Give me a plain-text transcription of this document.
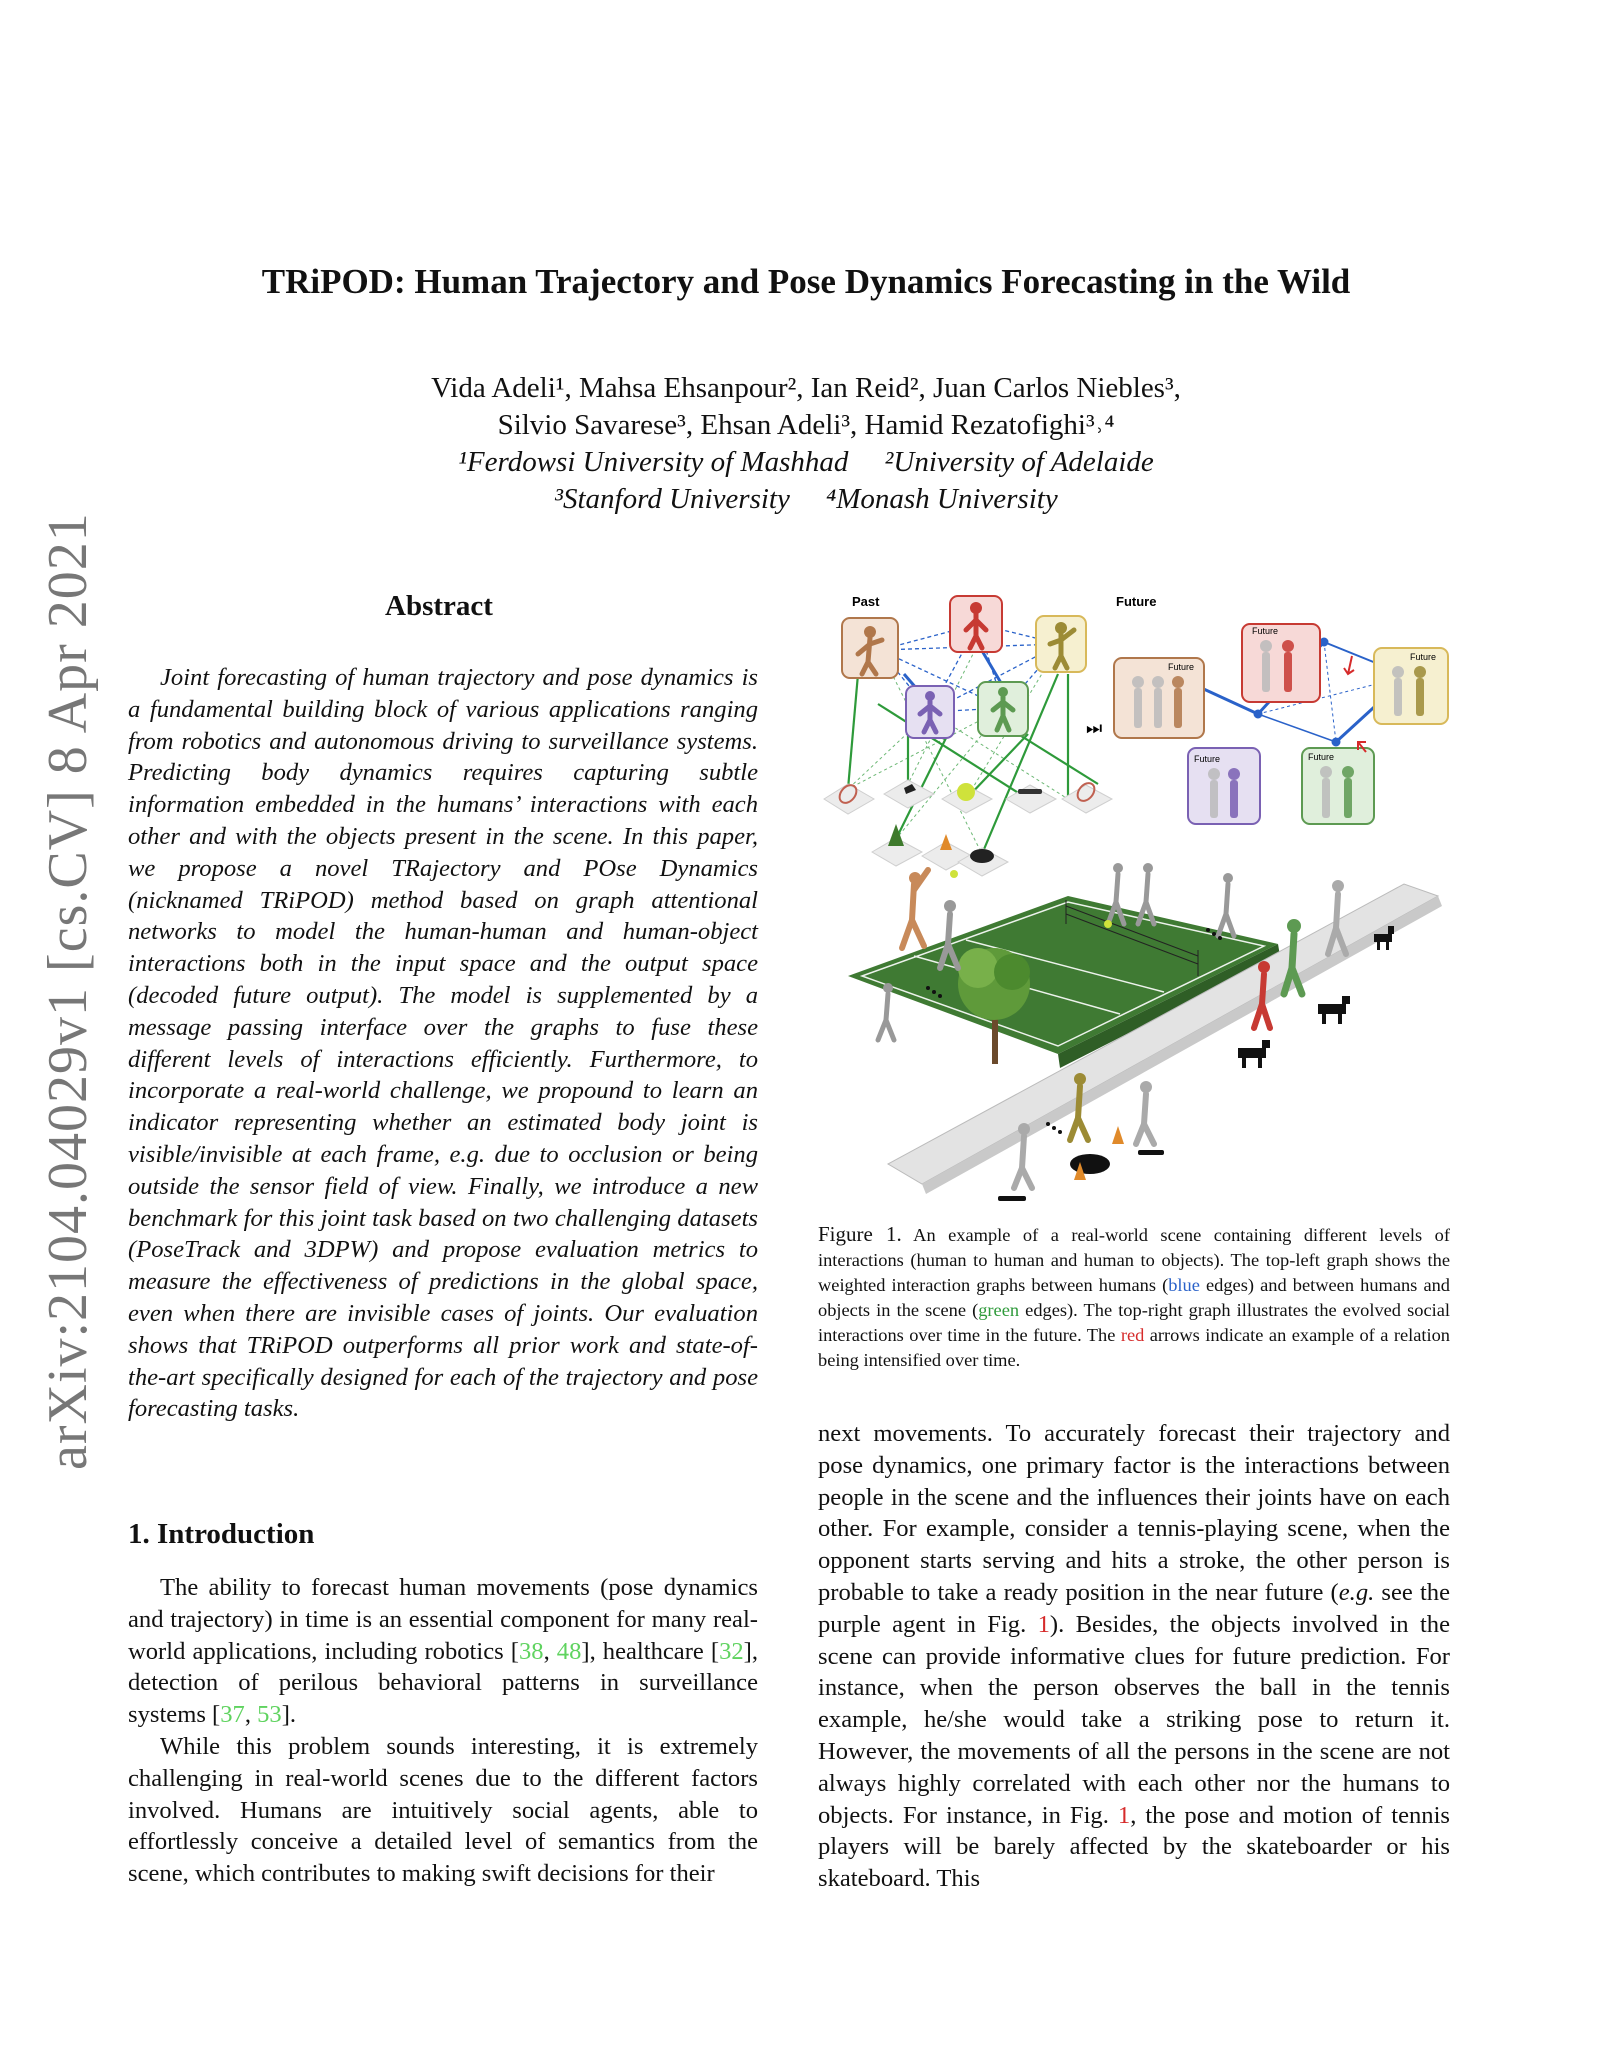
arXiv:2104.04029v1 [cs.CV] 8 Apr 2021
TRiPOD: Human Trajectory and Pose Dynamics Forecasting in the Wild
Vida Adeli¹, Mahsa Ehsanpour², Ian Reid², Juan Carlos Niebles³,
Silvio Savarese³, Ehsan Adeli³, Hamid Rezatofighi³˒⁴
¹Ferdowsi University of Mashhad     ²University of Adelaide
³Stanford University     ⁴Monash University
Abstract

Joint forecasting of human trajectory and pose dynamics is a fundamental building block of various applications ranging from robotics and autonomous driving to surveillance systems. Predicting body dynamics requires capturing subtle information embedded in the humans’ interactions with each other and with the objects present in the scene. In this paper, we propose a novel TRajectory and POse Dynamics (nicknamed TRiPOD) method based on graph attentional networks to model the human-human and human-object interactions both in the input space and the output space (decoded future output). The model is supplemented by a message passing interface over the graphs to fuse these different levels of interactions efficiently. Furthermore, to incorporate a real-world challenge, we propound to learn an indicator representing whether an estimated body joint is visible/invisible at each frame, e.g. due to occlusion or being outside the sensor field of view. Finally, we introduce a new benchmark for this joint task based on two challenging datasets (PoseTrack and 3DPW) and propose evaluation metrics to measure the effectiveness of predictions in the global space, even when there are invisible cases of joints. Our evaluation shows that TRiPOD outperforms all prior work and state-of-the-art specifically designed for each of the trajectory and pose forecasting tasks.

1. Introduction

The ability to forecast human movements (pose dynamics and trajectory) in time is an essential component for many real-world applications, including robotics [38, 48], healthcare [32], detection of perilous behavioral patterns in surveillance systems [37, 53].

While this problem sounds interesting, it is extremely challenging in real-world scenes due to the different factors involved. Humans are intuitively social agents, able to effortlessly conceive a detailed level of semantics from the scene, which contributes to making swift decisions for their

Past	Future
⏭
Future
Future
Future
Future	Future
Figure 1. An example of a real-world scene containing different levels of interactions (human to human and human to objects). The top-left graph shows the weighted interaction graphs between humans (blue edges) and between humans and objects in the scene (green edges). The top-right graph illustrates the evolved social interactions over time in the future. The red arrows indicate an example of a relation being intensified over time.

next movements. To accurately forecast their trajectory and pose dynamics, one primary factor is the interactions between people in the scene and the influences their joints have on each other. For example, consider a tennis-playing scene, when the opponent starts serving and hits a stroke, the other person is probable to take a ready position in the near future (e.g. see the purple agent in Fig. 1). Besides, the objects involved in the scene can provide informative clues for future prediction. For instance, when the person observes the ball in the tennis example, he/she would take a striking pose to return it. However, the movements of all the persons in the scene are not always highly correlated with each other nor the humans to objects. For instance, in Fig. 1, the pose and motion of tennis players will be barely affected by the skateboarder or his skateboard. This
